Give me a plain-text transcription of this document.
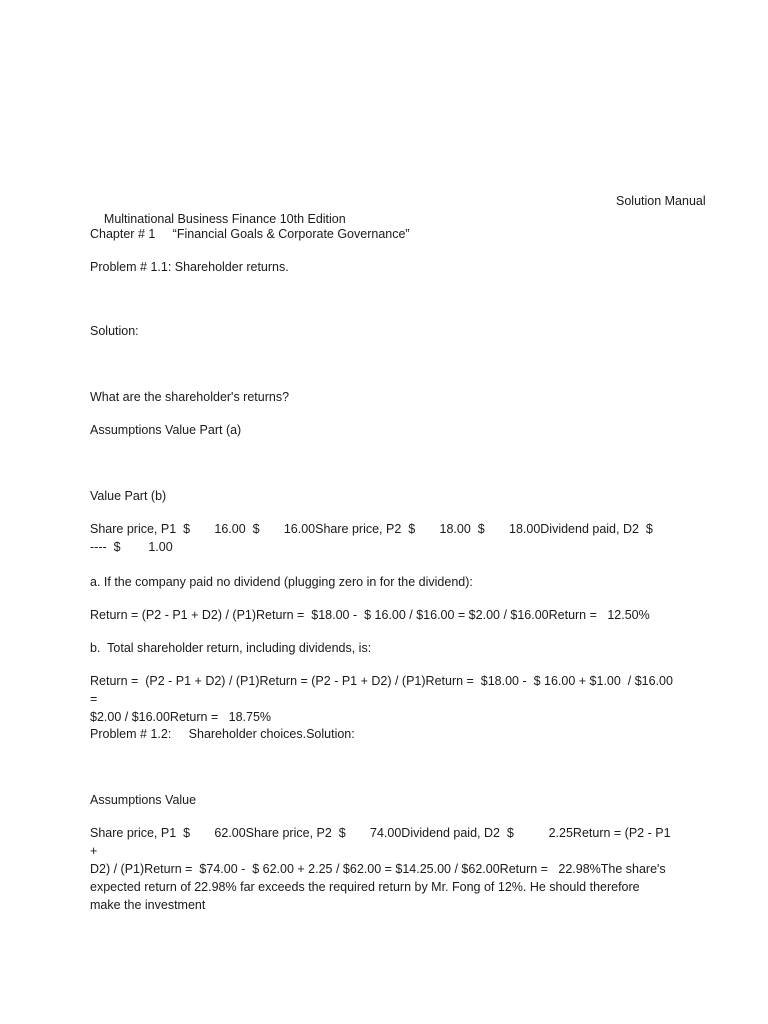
Multinational Business Finance 10th Edition

Solution Manual

Chapter # 1     “Financial Goals & Corporate Governance”

Problem # 1.1: Shareholder returns.

Solution:

What are the shareholder's returns?

Assumptions Value Part (a)

Value Part (b)

Share price, P1  $       16.00  $       16.00Share price, P2  $       18.00  $       18.00Dividend paid, D2  $
----  $        1.00

a. If the company paid no dividend (plugging zero in for the dividend):

Return = (P2 - P1 + D2) / (P1)Return =  $18.00 -  $ 16.00 / $16.00 = $2.00 / $16.00Return =   12.50%

b.  Total shareholder return, including dividends, is:

Return =  (P2 - P1 + D2) / (P1)Return = (P2 - P1 + D2) / (P1)Return =  $18.00 -  $ 16.00 + $1.00  / $16.00 =
$2.00 / $16.00Return =   18.75%

Problem # 1.2:     Shareholder choices.Solution:

Assumptions Value

Share price, P1  $       62.00Share price, P2  $       74.00Dividend paid, D2  $          2.25Return = (P2 - P1 +
D2) / (P1)Return =  $74.00 -  $ 62.00 + 2.25 / $62.00 = $14.25.00 / $62.00Return =   22.98%The share's
expected return of 22.98% far exceeds the required return by Mr. Fong of 12%. He should therefore
make the investment
